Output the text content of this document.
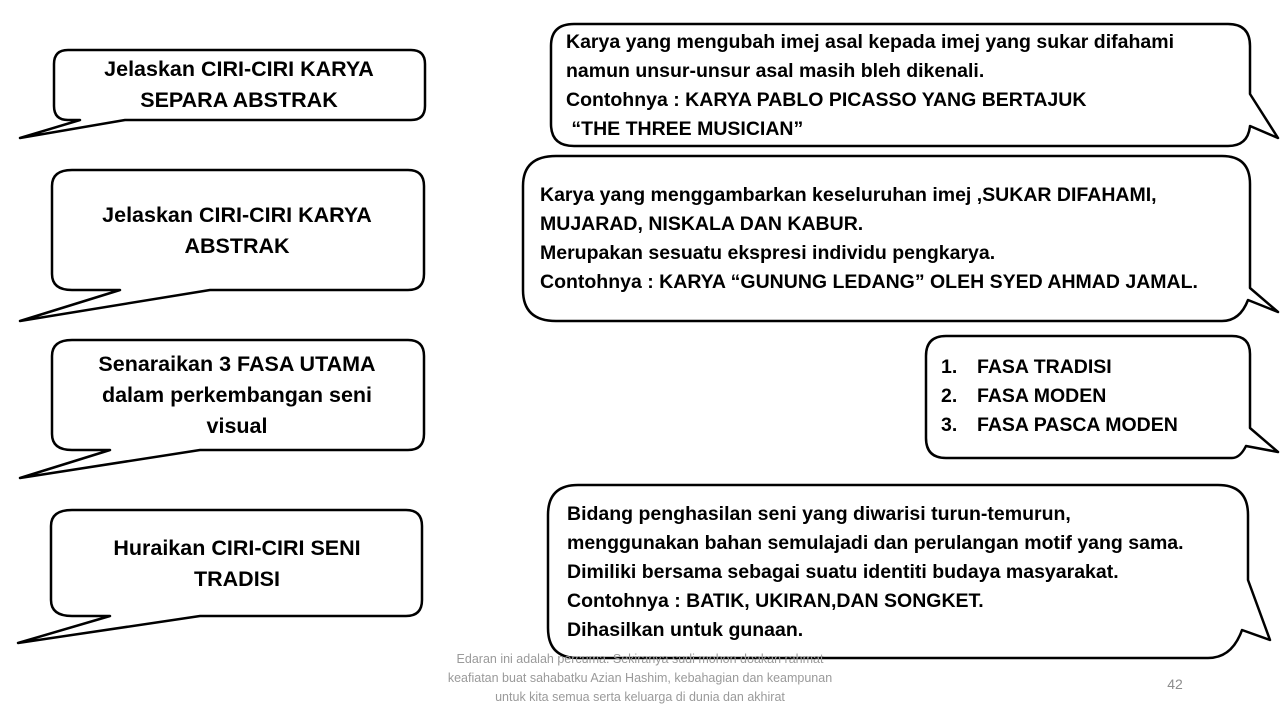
Jelaskan CIRI-CIRI KARYA
SEPARA ABSTRAK
Jelaskan CIRI-CIRI KARYA
ABSTRAK
Senaraikan 3 FASA UTAMA
dalam perkembangan seni
visual
Huraikan CIRI-CIRI SENI
TRADISI
Karya yang mengubah imej asal kepada imej yang sukar difahami
namun unsur-unsur asal masih bleh dikenali.
Contohnya : KARYA PABLO PICASSO YANG BERTAJUK
“THE THREE MUSICIAN”
Karya yang menggambarkan keseluruhan imej ,SUKAR DIFAHAMI,
MUJARAD, NISKALA DAN KABUR.
Merupakan sesuatu ekspresi individu pengkarya.
Contohnya : KARYA “GUNUNG LEDANG” OLEH SYED AHMAD JAMAL.
1. FASA TRADISI
2. FASA MODEN
3. FASA PASCA MODEN
Bidang penghasilan seni yang diwarisi turun-temurun,
menggunakan bahan semulajadi dan perulangan motif yang sama.
Dimiliki bersama sebagai suatu identiti budaya masyarakat.
Contohnya : BATIK, UKIRAN,DAN SONGKET.
Dihasilkan untuk gunaan.
Edaran ini adalah percuma. Sekiranya sudi mohon doakan rahmat keafiatan buat sahabatku Azian Hashim, kebahagian dan keampunan untuk kita semua serta keluarga di dunia dan akhirat
42
